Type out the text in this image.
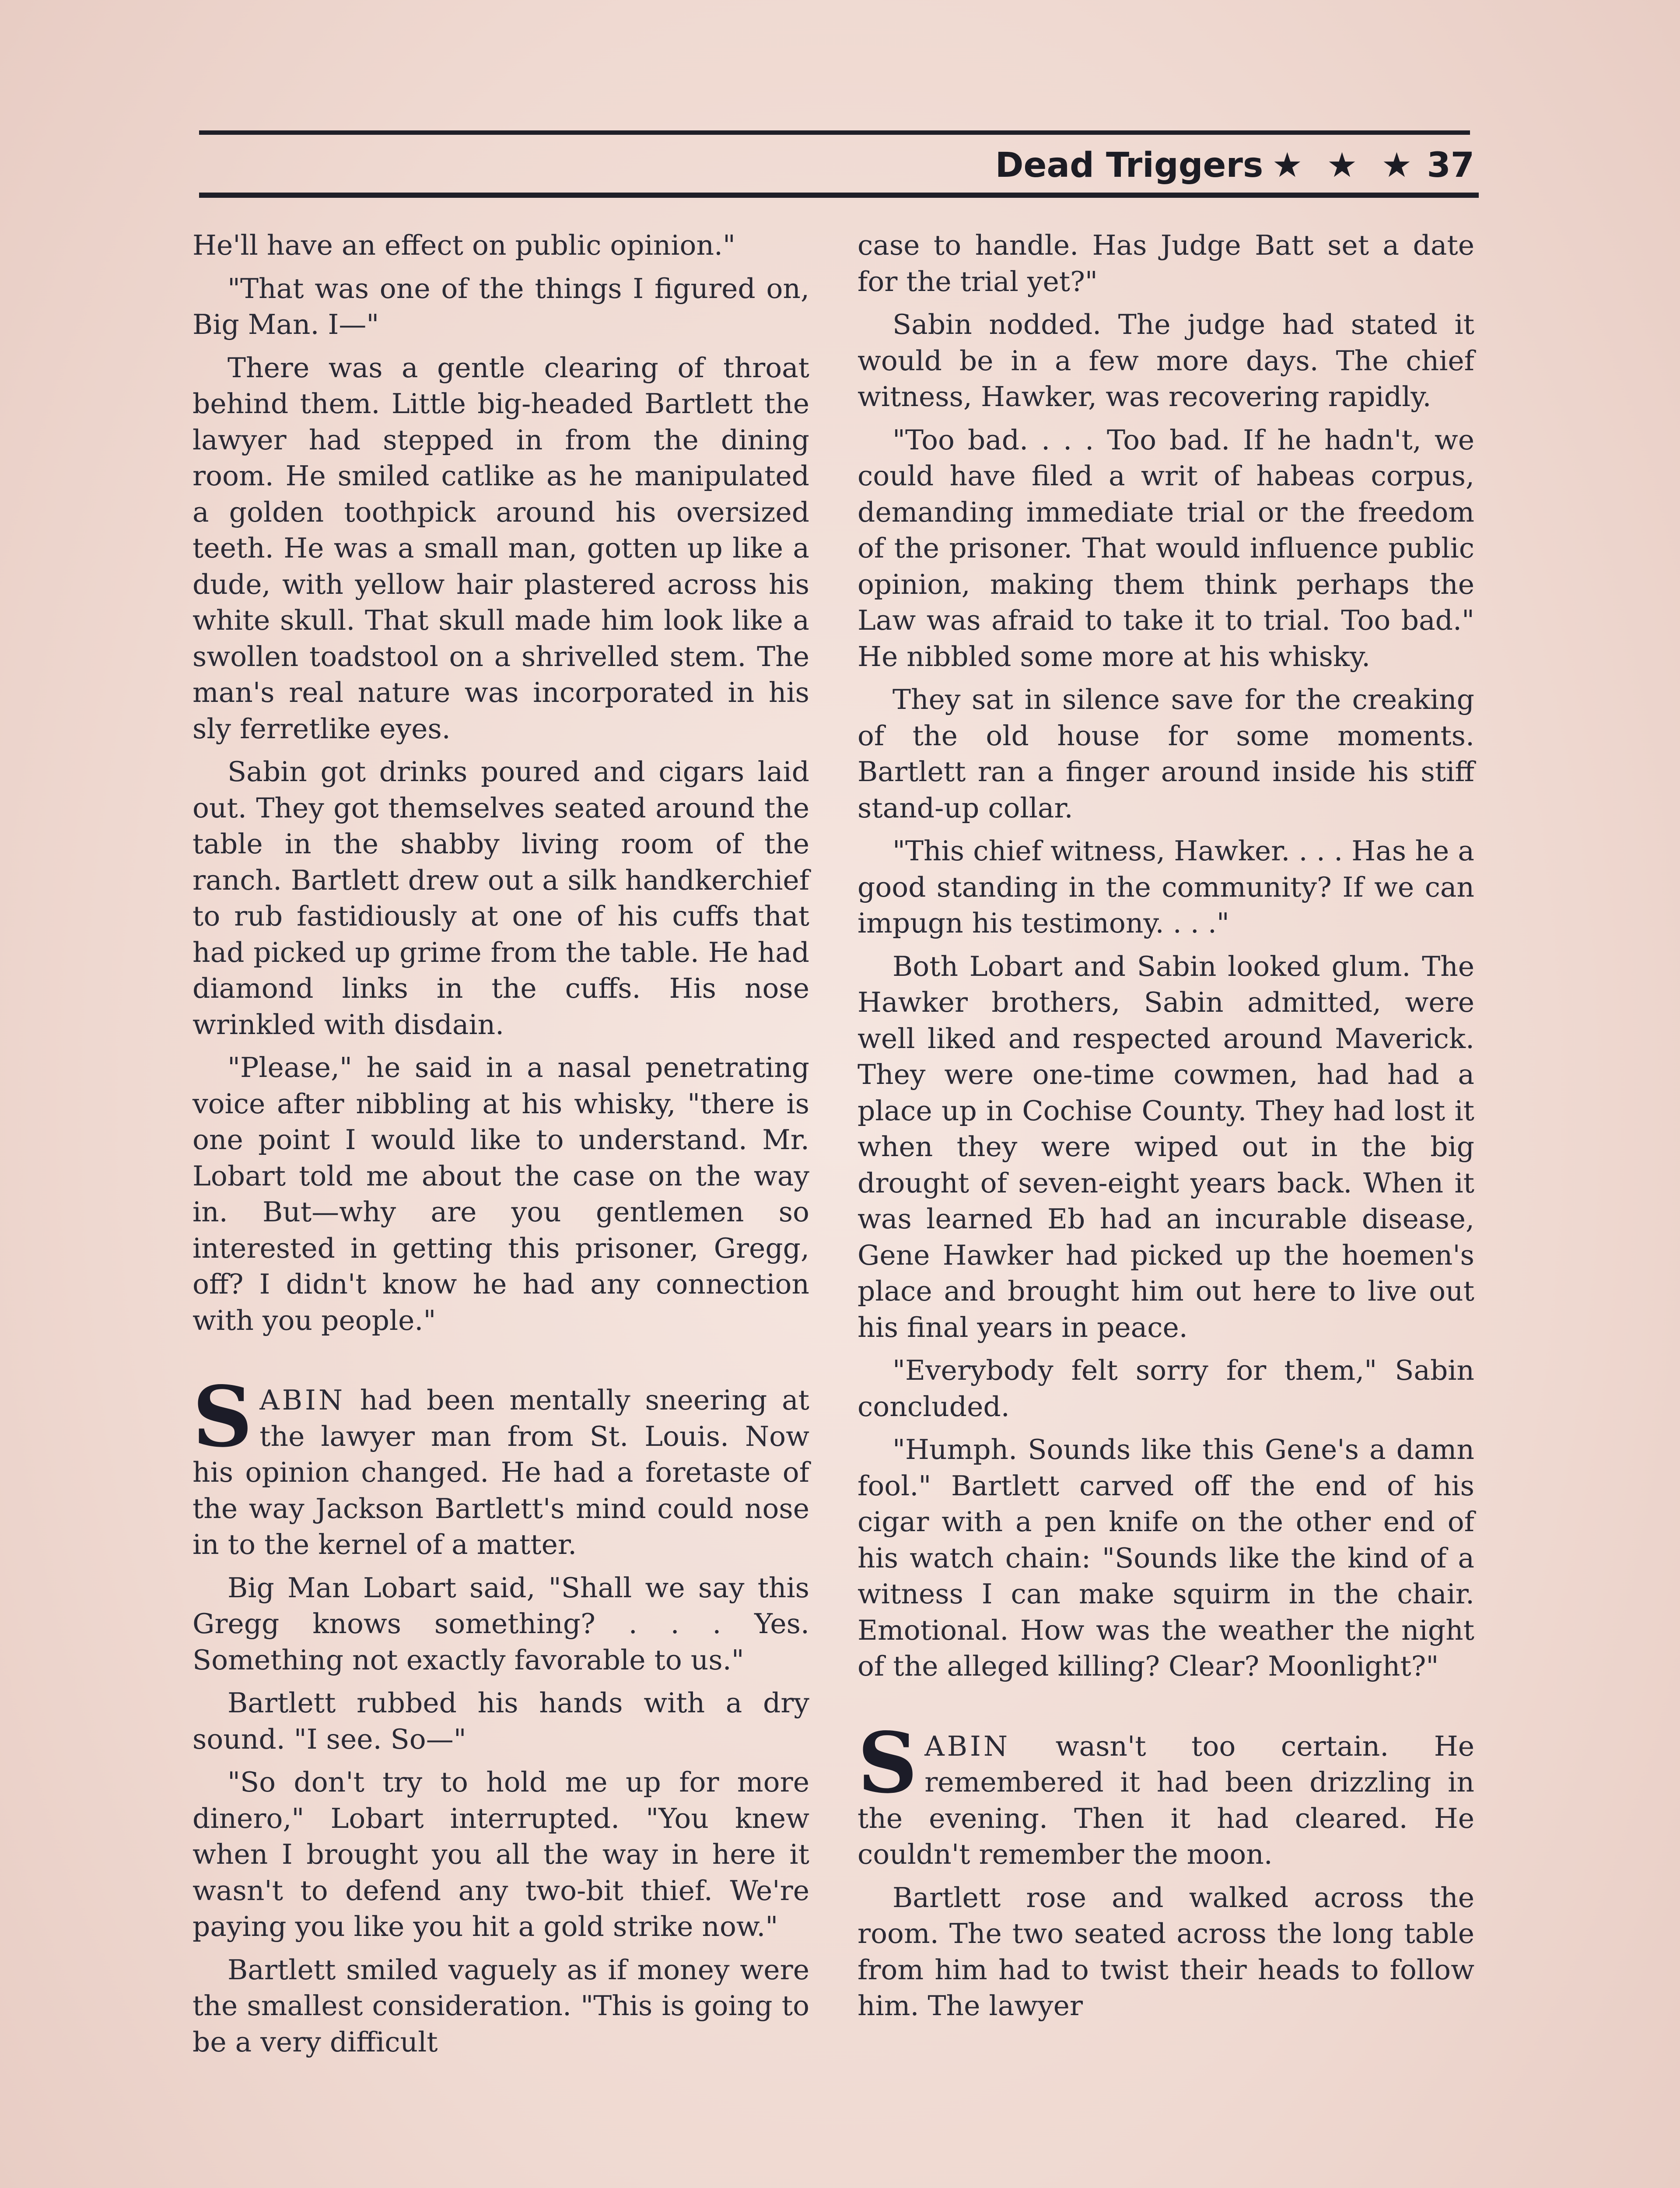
Dead Triggers ★ ★ ★ 37

He'll have an effect on public opinion."

"That was one of the things I figured on, Big Man. I—"

There was a gentle clearing of throat behind them. Little big-headed Bartlett the lawyer had stepped in from the dining room. He smiled catlike as he manipulated a golden toothpick around his oversized teeth. He was a small man, gotten up like a dude, with yellow hair plastered across his white skull. That skull made him look like a swollen toadstool on a shrivelled stem. The man's real nature was incorporated in his sly ferretlike eyes.

Sabin got drinks poured and cigars laid out. They got themselves seated around the table in the shabby living room of the ranch. Bartlett drew out a silk handkerchief to rub fastidiously at one of his cuffs that had picked up grime from the table. He had diamond links in the cuffs. His nose wrinkled with disdain.

"Please," he said in a nasal penetrating voice after nibbling at his whisky, "there is one point I would like to understand. Mr. Lobart told me about the case on the way in. But—why are you gentlemen so interested in getting this prisoner, Gregg, off? I didn't know he had any connection with you people."

SABIN had been mentally sneering at the lawyer man from St. Louis. Now his opinion changed. He had a foretaste of the way Jackson Bartlett's mind could nose in to the kernel of a matter.

Big Man Lobart said, "Shall we say this Gregg knows something? . . . Yes. Something not exactly favorable to us."

Bartlett rubbed his hands with a dry sound. "I see. So—"

"So don't try to hold me up for more dinero," Lobart interrupted. "You knew when I brought you all the way in here it wasn't to defend any two-bit thief. We're paying you like you hit a gold strike now."

Bartlett smiled vaguely as if money were the smallest consideration. "This is going to be a very difficult

case to handle. Has Judge Batt set a date for the trial yet?"

Sabin nodded. The judge had stated it would be in a few more days. The chief witness, Hawker, was recovering rapidly.

"Too bad. . . . Too bad. If he hadn't, we could have filed a writ of habeas corpus, demanding immediate trial or the freedom of the prisoner. That would influence public opinion, making them think perhaps the Law was afraid to take it to trial. Too bad." He nibbled some more at his whisky.

They sat in silence save for the creaking of the old house for some moments. Bartlett ran a finger around inside his stiff stand-up collar.

"This chief witness, Hawker. . . . Has he a good standing in the community? If we can impugn his testimony. . . ."

Both Lobart and Sabin looked glum. The Hawker brothers, Sabin admitted, were well liked and respected around Maverick. They were one-time cowmen, had had a place up in Cochise County. They had lost it when they were wiped out in the big drought of seven-eight years back. When it was learned Eb had an incurable disease, Gene Hawker had picked up the hoemen's place and brought him out here to live out his final years in peace.

"Everybody felt sorry for them," Sabin concluded.

"Humph. Sounds like this Gene's a damn fool." Bartlett carved off the end of his cigar with a pen knife on the other end of his watch chain: "Sounds like the kind of a witness I can make squirm in the chair. Emotional. How was the weather the night of the alleged killing? Clear? Moonlight?"

SABIN wasn't too certain. He remembered it had been drizzling in the evening. Then it had cleared. He couldn't remember the moon.

Bartlett rose and walked across the room. The two seated across the long table from him had to twist their heads to follow him. The lawyer
